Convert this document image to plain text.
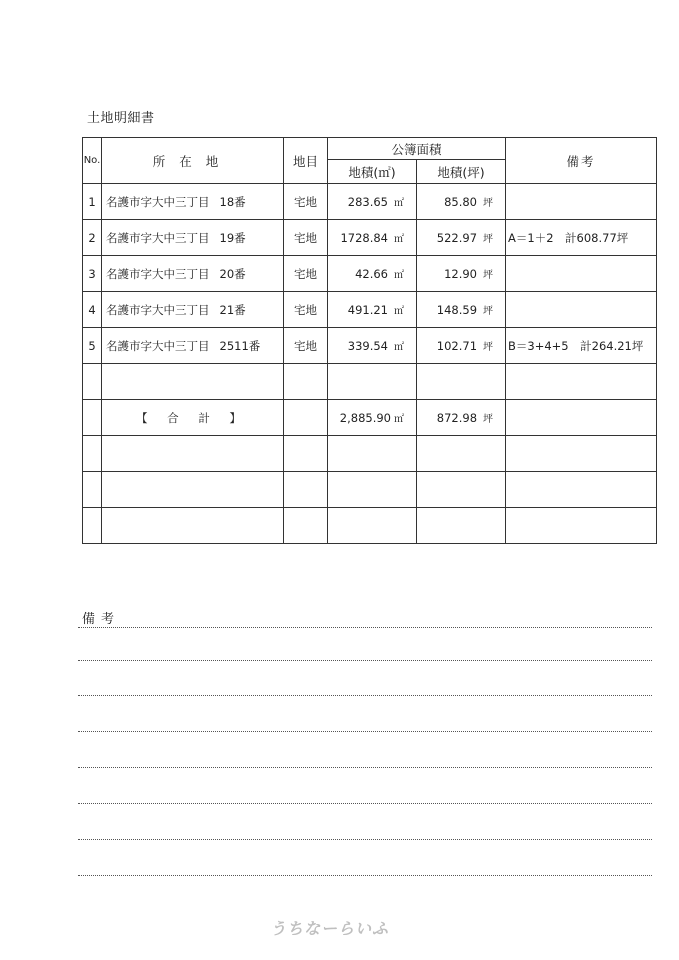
土地明細書
No.	所在地	地目	公簿面積		備考
			地積(㎡)	地積(坪)	
1	名護市字大中三丁目 18番	宅地	283.65 ㎡	85.80 坪	
2	名護市字大中三丁目 19番	宅地	1728.84 ㎡	522.97 坪	A＝1＋2　計608.77坪
3	名護市字大中三丁目 20番	宅地	42.66 ㎡	12.90 坪	
4	名護市字大中三丁目 21番	宅地	491.21 ㎡	148.59 坪	
5	名護市字大中三丁目 2511番	宅地	339.54 ㎡	102.71 坪	B＝3+4+5　計264.21坪

	【 合 計 】		2,885.90 ㎡	872.98 坪	

備考
うちなーらいふ
